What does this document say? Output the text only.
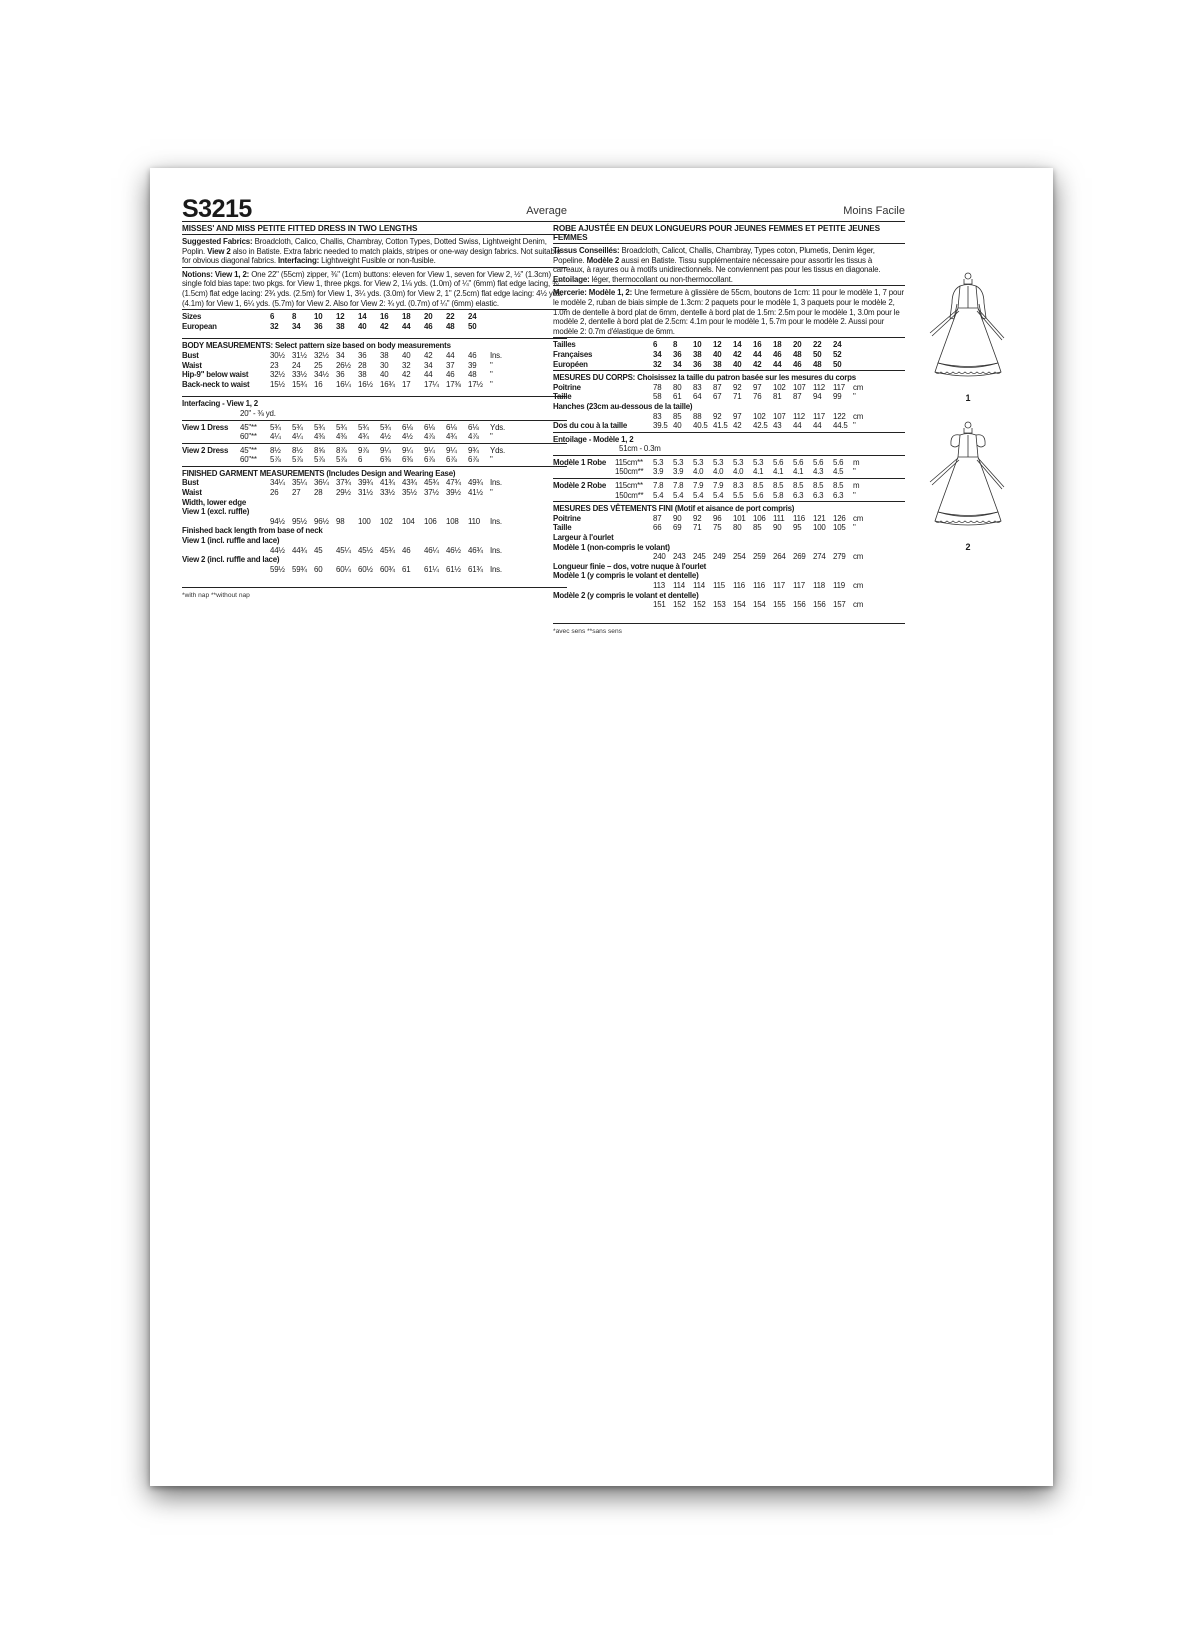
S3215	Average
MISSES' AND MISS PETITE FITTED DRESS IN TWO LENGTHS

Suggested Fabrics: Broadcloth, Calico, Challis, Chambray, Cotton Types, Dotted Swiss, Lightweight Denim, Poplin. View 2 also in Batiste. Extra fabric needed to match plaids, stripes or one-way design fabrics. Not suitable for obvious diagonal fabrics. Interfacing: Lightweight Fusible or non-fusible.

Notions: View 1, 2: One 22" (55cm) zipper, ⅜" (1cm) buttons: eleven for View 1, seven for View 2, ½" (1.3cm) single fold bias tape: two pkgs. for View 1, three pkgs. for View 2, 1⅛ yds. (1.0m) of ¼" (6mm) flat edge lacing, ⅝" (1.5cm) flat edge lacing: 2¾ yds. (2.5m) for View 1, 3¼ yds. (3.0m) for View 2, 1" (2.5cm) flat edge lacing: 4½ yds. (4.1m) for View 1, 6¼ yds. (5.7m) for View 2. Also for View 2: ¾ yd. (0.7m) of ¼" (6mm) elastic.

Sizes	6	8	10	12	14	16	18	20	22	24	
European	32	34	36	38	40	42	44	46	48	50	
BODY MEASUREMENTS: Select pattern size based on body measurements
Bust	30½	31½	32½	34	36	38	40	42	44	46	Ins.
Waist	23	24	25	26½	28	30	32	34	37	39	"
Hip-9" below waist	32½	33½	34½	36	38	40	42	44	46	48	"
Back-neck to waist	15½	15¾	16	16¼	16½	16¾	17	17¼	17⅜	17½	"
Interfacing - View 1, 2
20" - ⅜ yd.
View 1 Dress	45"**	5¾	5¾	5¾	5¾	5¾	5¾	6⅛	6⅛	6⅛	6⅛	Yds.
	60"**	4¼	4¼	4⅜	4⅜	4¾	4½	4½	4⅞	4¾	4⅞	"
View 2 Dress	45"**	8½	8½	8⅝	8⅞	9⅞	9¼	9¼	9¼	9¼	9¾	Yds.
	60"**	5⅞	5⅞	5⅞	5⅞	6	6⅜	6⅜	6⅞	6⅞	6⅞	"
FINISHED GARMENT MEASUREMENTS (Includes Design and Wearing Ease)
Bust	34¼	35¼	36¼	37¾	39¾	41¾	43¾	45¾	47¾	49¾	Ins.
Waist	26	27	28	29½	31½	33½	35½	37½	39½	41½	"
Width, lower edge
View 1 (excl. ruffle)
	94½	95½	96½	98	100	102	104	106	108	110	Ins.
Finished back length from base of neck
View 1 (incl. ruffle and lace)
	44½	44¾	45	45¼	45½	45¾	46	46¼	46½	46¾	Ins.
View 2 (incl. ruffle and lace)
	59½	59¾	60	60¼	60½	60¾	61	61¼	61½	61¾	Ins.
*with nap **without nap
Moins Facile
ROBE AJUSTÉE EN DEUX LONGUEURS POUR JEUNES FEMMES ET PETITE JEUNES FEMMES

Tissus Conseillés: Broadcloth, Calicot, Challis, Chambray, Types coton, Plumetis, Denim léger, Popeline. Modèle 2 aussi en Batiste. Tissu supplémentaire nécessaire pour assortir les tissus à carreaux, à rayures ou à motifs unidirectionnels. Ne conviennent pas pour les tissus en diagonale. Entoilage: léger, thermocollant ou non-thermocollant.

Mercerie: Modèle 1, 2: Une fermeture à glissière de 55cm, boutons de 1cm: 11 pour le modèle 1, 7 pour le modèle 2, ruban de biais simple de 1.3cm: 2 paquets pour le modèle 1, 3 paquets pour le modèle 2, 1.0m de dentelle à bord plat de 6mm, dentelle à bord plat de 1.5m: 2.5m pour le modèle 1, 3.0m pour le modèle 2, dentelle à bord plat de 2.5cm: 4.1m pour le modèle 1, 5.7m pour le modèle 2. Aussi pour modèle 2: 0.7m d'élastique de 6mm.

Tailles	6	8	10	12	14	16	18	20	22	24	
Françaises	34	36	38	40	42	44	46	48	50	52	
Européen	32	34	36	38	40	42	44	46	48	50	
MESURES DU CORPS: Choisissez la taille du patron basée sur les mesures du corps
Poitrine	78	80	83	87	92	97	102	107	112	117	cm
Taille	58	61	64	67	71	76	81	87	94	99	"
Hanches (23cm au-dessous de la taille)
	83	85	88	92	97	102	107	112	117	122	cm
Dos du cou à la taille	39.5	40	40.5	41.5	42	42.5	43	44	44	44.5	"
Entoilage - Modèle 1, 2
51cm - 0.3m
Modèle 1 Robe	115cm**	5.3	5.3	5.3	5.3	5.3	5.3	5.6	5.6	5.6	5.6	m
	150cm**	3.9	3.9	4.0	4.0	4.0	4.1	4.1	4.1	4.3	4.5	"
Modèle 2 Robe	115cm**	7.8	7.8	7.9	7.9	8.3	8.5	8.5	8.5	8.5	8.5	m
	150cm**	5.4	5.4	5.4	5.4	5.5	5.6	5.8	6.3	6.3	6.3	"
MESURES DES VÊTEMENTS FINI (Motif et aisance de port compris)
Poitrine	87	90	92	96	101	106	111	116	121	126	cm
Taille	66	69	71	75	80	85	90	95	100	105	"
Largeur à l'ourlet
Modèle 1 (non-compris le volant)
	240	243	245	249	254	259	264	269	274	279	cm
Longueur finie – dos, votre nuque à l'ourlet
Modèle 1 (y compris le volant et dentelle)
	113	114	114	115	116	116	117	117	118	119	cm
Modèle 2 (y compris le volant et dentelle)
	151	152	152	153	154	154	155	156	156	157	cm
*avec sens **sans sens
1
2
